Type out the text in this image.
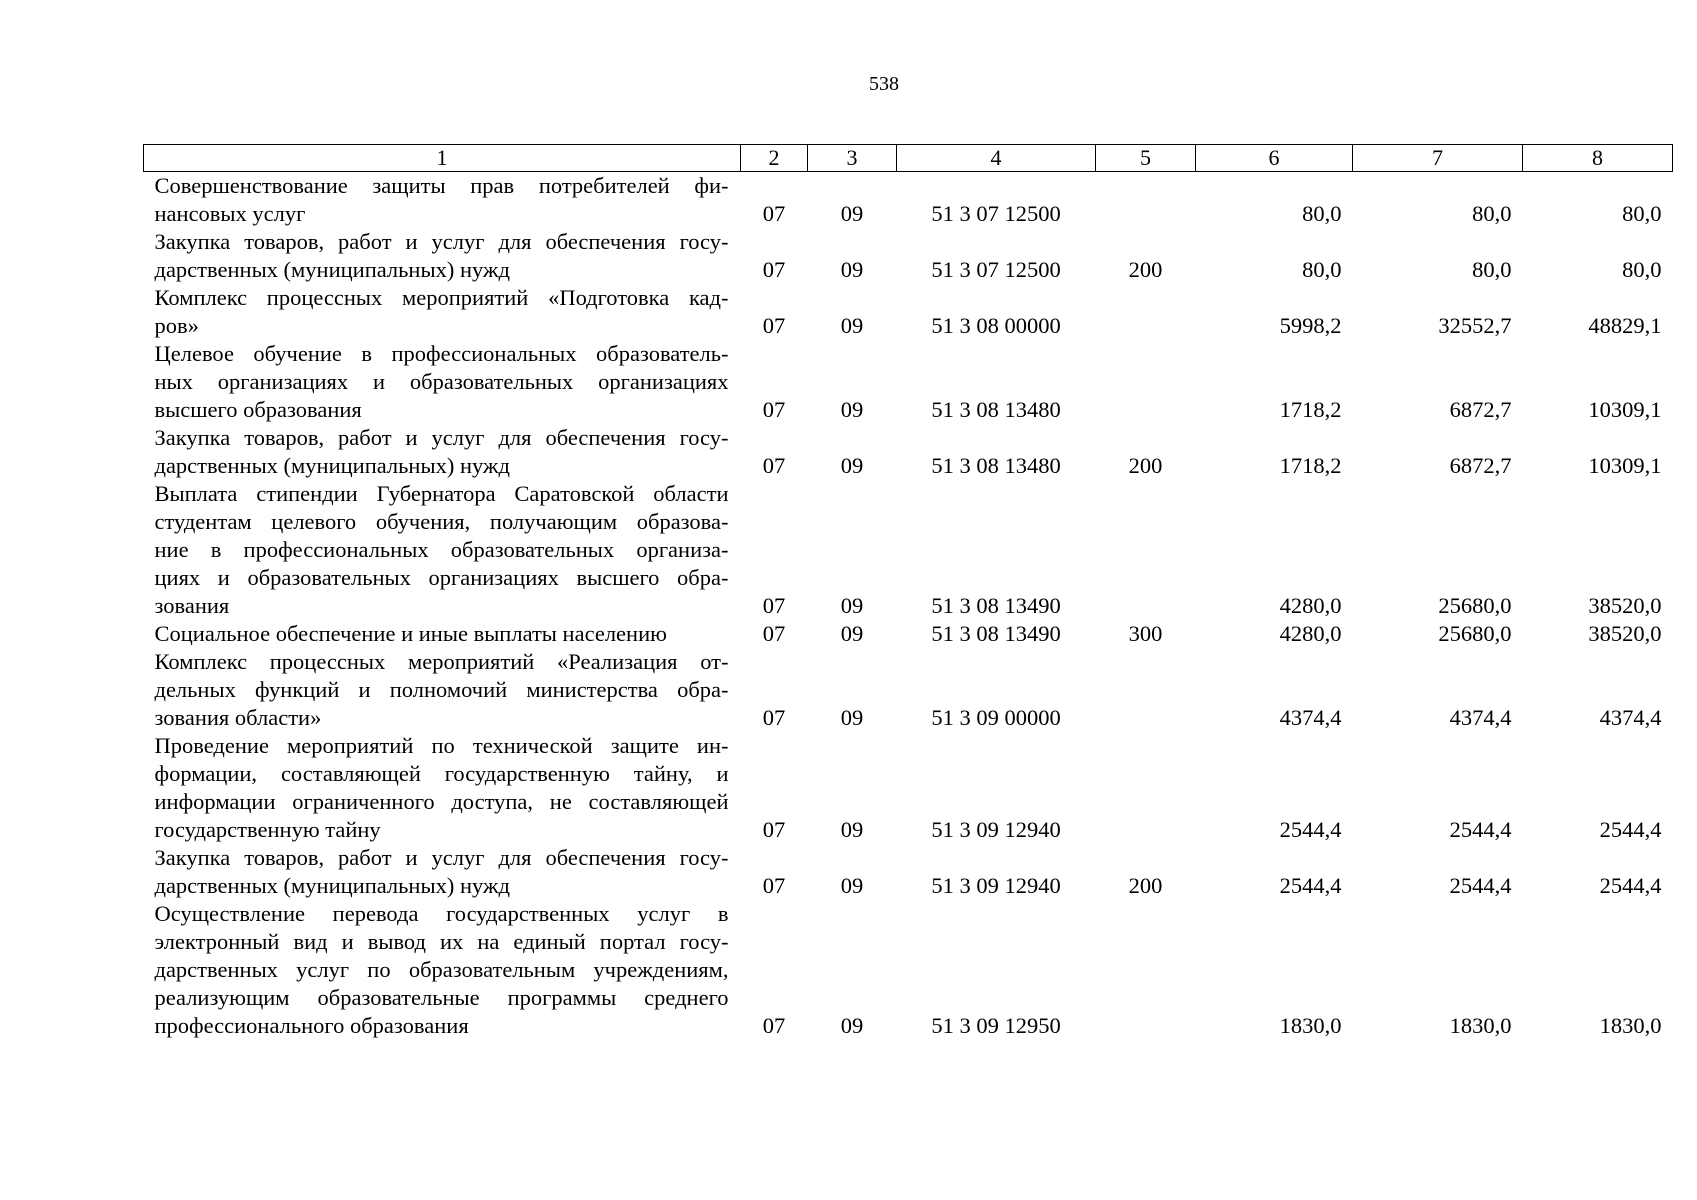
538
1	2	3	4	5	6	7	8

Совершенствование защиты прав потребителей фи-
нансовых услуг	07	09	51 3 07 12500		80,0	80,0	80,0

Закупка товаров, работ и услуг для обеспечения госу-
дарственных (муниципальных) нужд	07	09	51 3 07 12500	200	80,0	80,0	80,0

Комплекс процессных мероприятий «Подготовка кад-
ров»	07	09	51 3 08 00000		5998,2	32552,7	48829,1

Целевое обучение в профессиональных образователь-
ных организациях и образовательных организациях
высшего образования	07	09	51 3 08 13480		1718,2	6872,7	10309,1

Закупка товаров, работ и услуг для обеспечения госу-
дарственных (муниципальных) нужд	07	09	51 3 08 13480	200	1718,2	6872,7	10309,1

Выплата стипендии Губернатора Саратовской области
студентам целевого обучения, получающим образова-
ние в профессиональных образовательных организа-
циях и образовательных организациях высшего обра-
зования	07	09	51 3 08 13490		4280,0	25680,0	38520,0

Социальное обеспечение и иные выплаты населению	07	09	51 3 08 13490	300	4280,0	25680,0	38520,0

Комплекс процессных мероприятий «Реализация от-
дельных функций и полномочий министерства обра-
зования области»	07	09	51 3 09 00000		4374,4	4374,4	4374,4

Проведение мероприятий по технической защите ин-
формации, составляющей государственную тайну, и
информации ограниченного доступа, не составляющей
государственную тайну	07	09	51 3 09 12940		2544,4	2544,4	2544,4

Закупка товаров, работ и услуг для обеспечения госу-
дарственных (муниципальных) нужд	07	09	51 3 09 12940	200	2544,4	2544,4	2544,4

Осуществление перевода государственных услуг в
электронный вид и вывод их на единый портал госу-
дарственных услуг по образовательным учреждениям,
реализующим образовательные программы среднего
профессионального образования	07	09	51 3 09 12950		1830,0	1830,0	1830,0
